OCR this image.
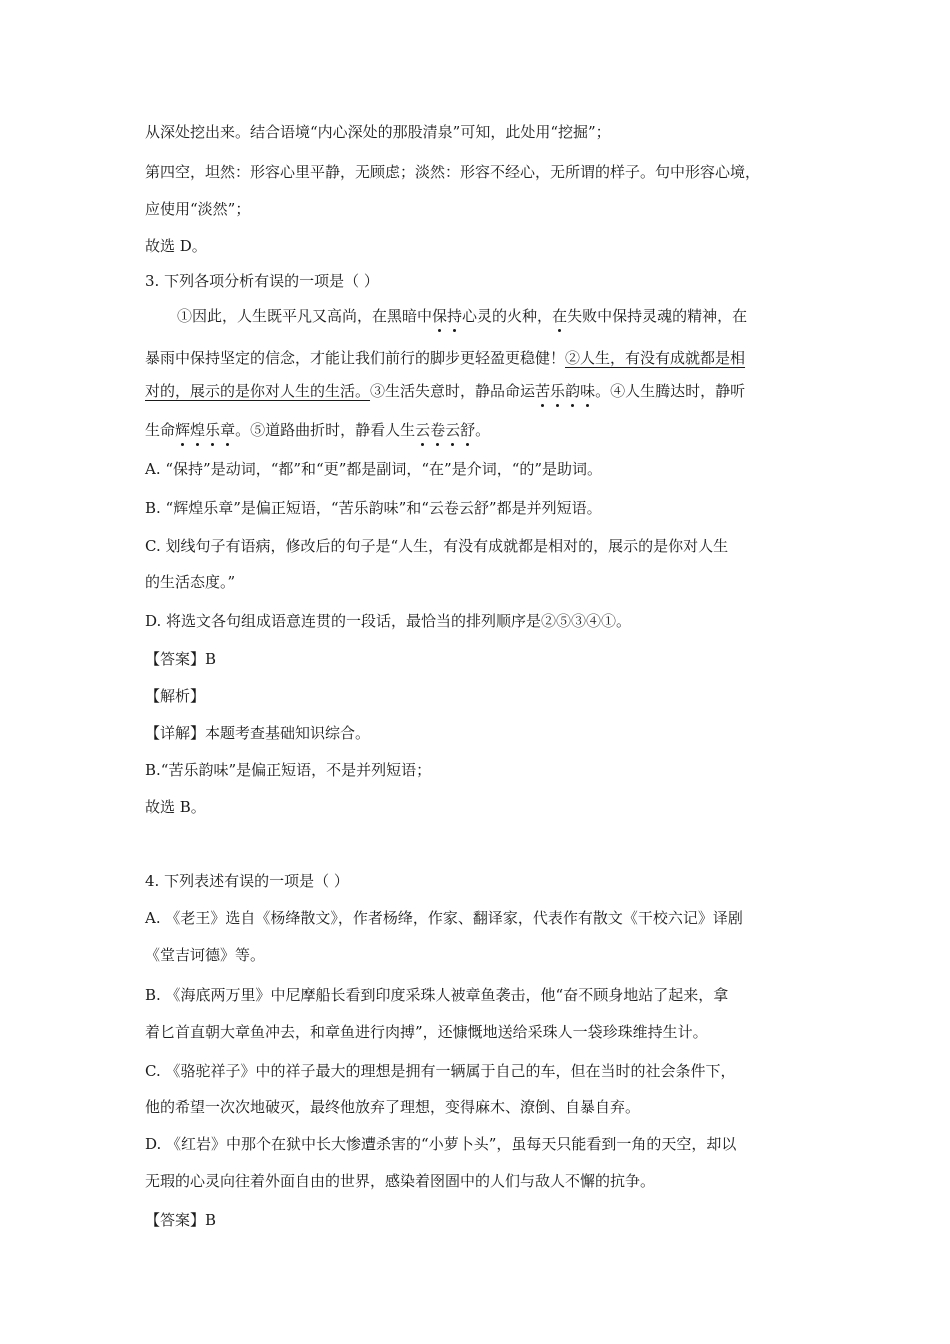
从深处挖出来。结合语境“内心深处的那股清泉”可知，此处用“挖掘”；
第四空，坦然：形容心里平静，无顾虑；淡然：形容不经心，无所谓的样子。句中形容心境，
应使用“淡然”；
故选 D。
3. 下列各项分析有误的一项是（ ）
①因此，人生既平凡又高尚，在黑暗中保持心灵的火种，在失败中保持灵魂的精神，在
暴雨中保持坚定的信念，才能让我们前行的脚步更轻盈更稳健！②人生，有没有成就都是相
对的，展示的是你对人生的生活。③生活失意时，静品命运苦乐韵味。④人生腾达时，静听
生命辉煌乐章。⑤道路曲折时，静看人生云卷云舒。
A. “保持”是动词，“都”和“更”都是副词，“在”是介词，“的”是助词。
B. “辉煌乐章”是偏正短语，“苦乐韵味”和“云卷云舒”都是并列短语。
C. 划线句子有语病，修改后的句子是“人生，有没有成就都是相对的，展示的是你对人生
的生活态度。”
D. 将选文各句组成语意连贯的一段话，最恰当的排列顺序是②⑤③④①。
【答案】B
【解析】
【详解】本题考查基础知识综合。
B.“苦乐韵味”是偏正短语，不是并列短语；
故选 B。
4. 下列表述有误的一项是（ ）
A. 《老王》选自《杨绛散文》，作者杨绛，作家、翻译家，代表作有散文《干校六记》译剧
《堂吉诃德》等。
B. 《海底两万里》中尼摩船长看到印度采珠人被章鱼袭击，他“奋不顾身地站了起来，拿
着匕首直朝大章鱼冲去，和章鱼进行肉搏”，还慷慨地送给采珠人一袋珍珠维持生计。
C. 《骆驼祥子》中的祥子最大的理想是拥有一辆属于自己的车，但在当时的社会条件下，
他的希望一次次地破灭，最终他放弃了理想，变得麻木、潦倒、自暴自弃。
D. 《红岩》中那个在狱中长大惨遭杀害的“小萝卜头”，虽每天只能看到一角的天空，却以
无瑕的心灵向往着外面自由的世界，感染着囹圄中的人们与敌人不懈的抗争。
【答案】B
